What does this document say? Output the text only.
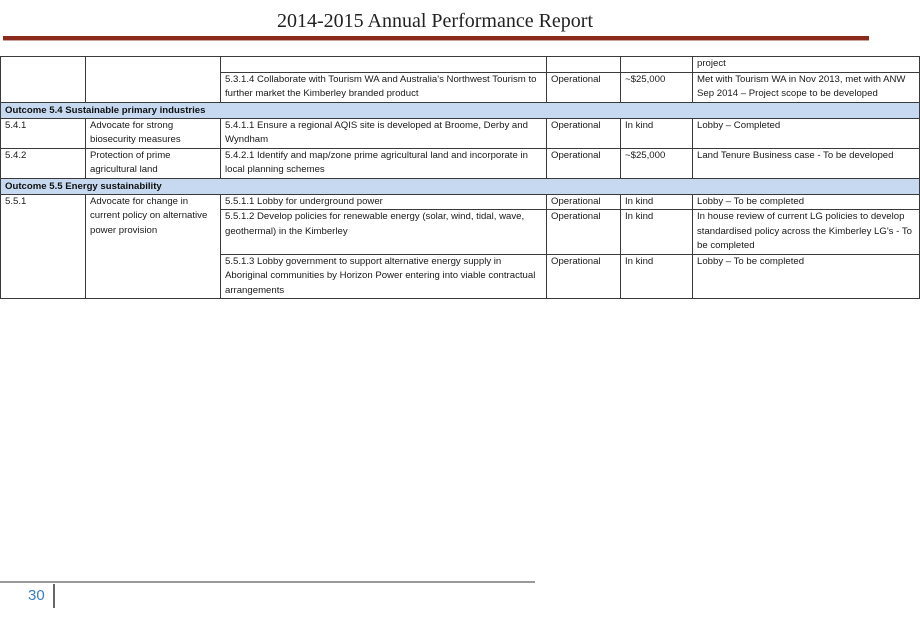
2014-2015 Annual Performance Report
					project
		5.3.1.4 Collaborate with Tourism WA and Australia's Northwest Tourism to further market the Kimberley branded product	Operational	~$25,000	Met with Tourism WA in Nov 2013, met with ANW Sep 2014 – Project scope to be developed
Outcome 5.4 Sustainable primary industries					
5.4.1	Advocate for strong biosecurity measures	5.4.1.1 Ensure a regional AQIS site is developed at Broome, Derby and Wyndham	Operational	In kind	Lobby – Completed
5.4.2	Protection of prime agricultural land	5.4.2.1 Identify and map/zone prime agricultural land and incorporate in local planning schemes	Operational	~$25,000	Land Tenure Business case - To be developed
Outcome 5.5 Energy sustainability					
5.5.1	Advocate for change in current policy on alternative power provision	5.5.1.1 Lobby for underground power	Operational	In kind	Lobby – To be completed
		5.5.1.2 Develop policies for renewable energy (solar, wind, tidal, wave, geothermal) in the Kimberley	Operational	In kind	In house review of current LG policies to develop standardised policy across the Kimberley LG's - To be completed
		5.5.1.3 Lobby government to support alternative energy supply in Aboriginal communities by Horizon Power entering into viable contractual arrangements	Operational	In kind	Lobby – To be completed
30
